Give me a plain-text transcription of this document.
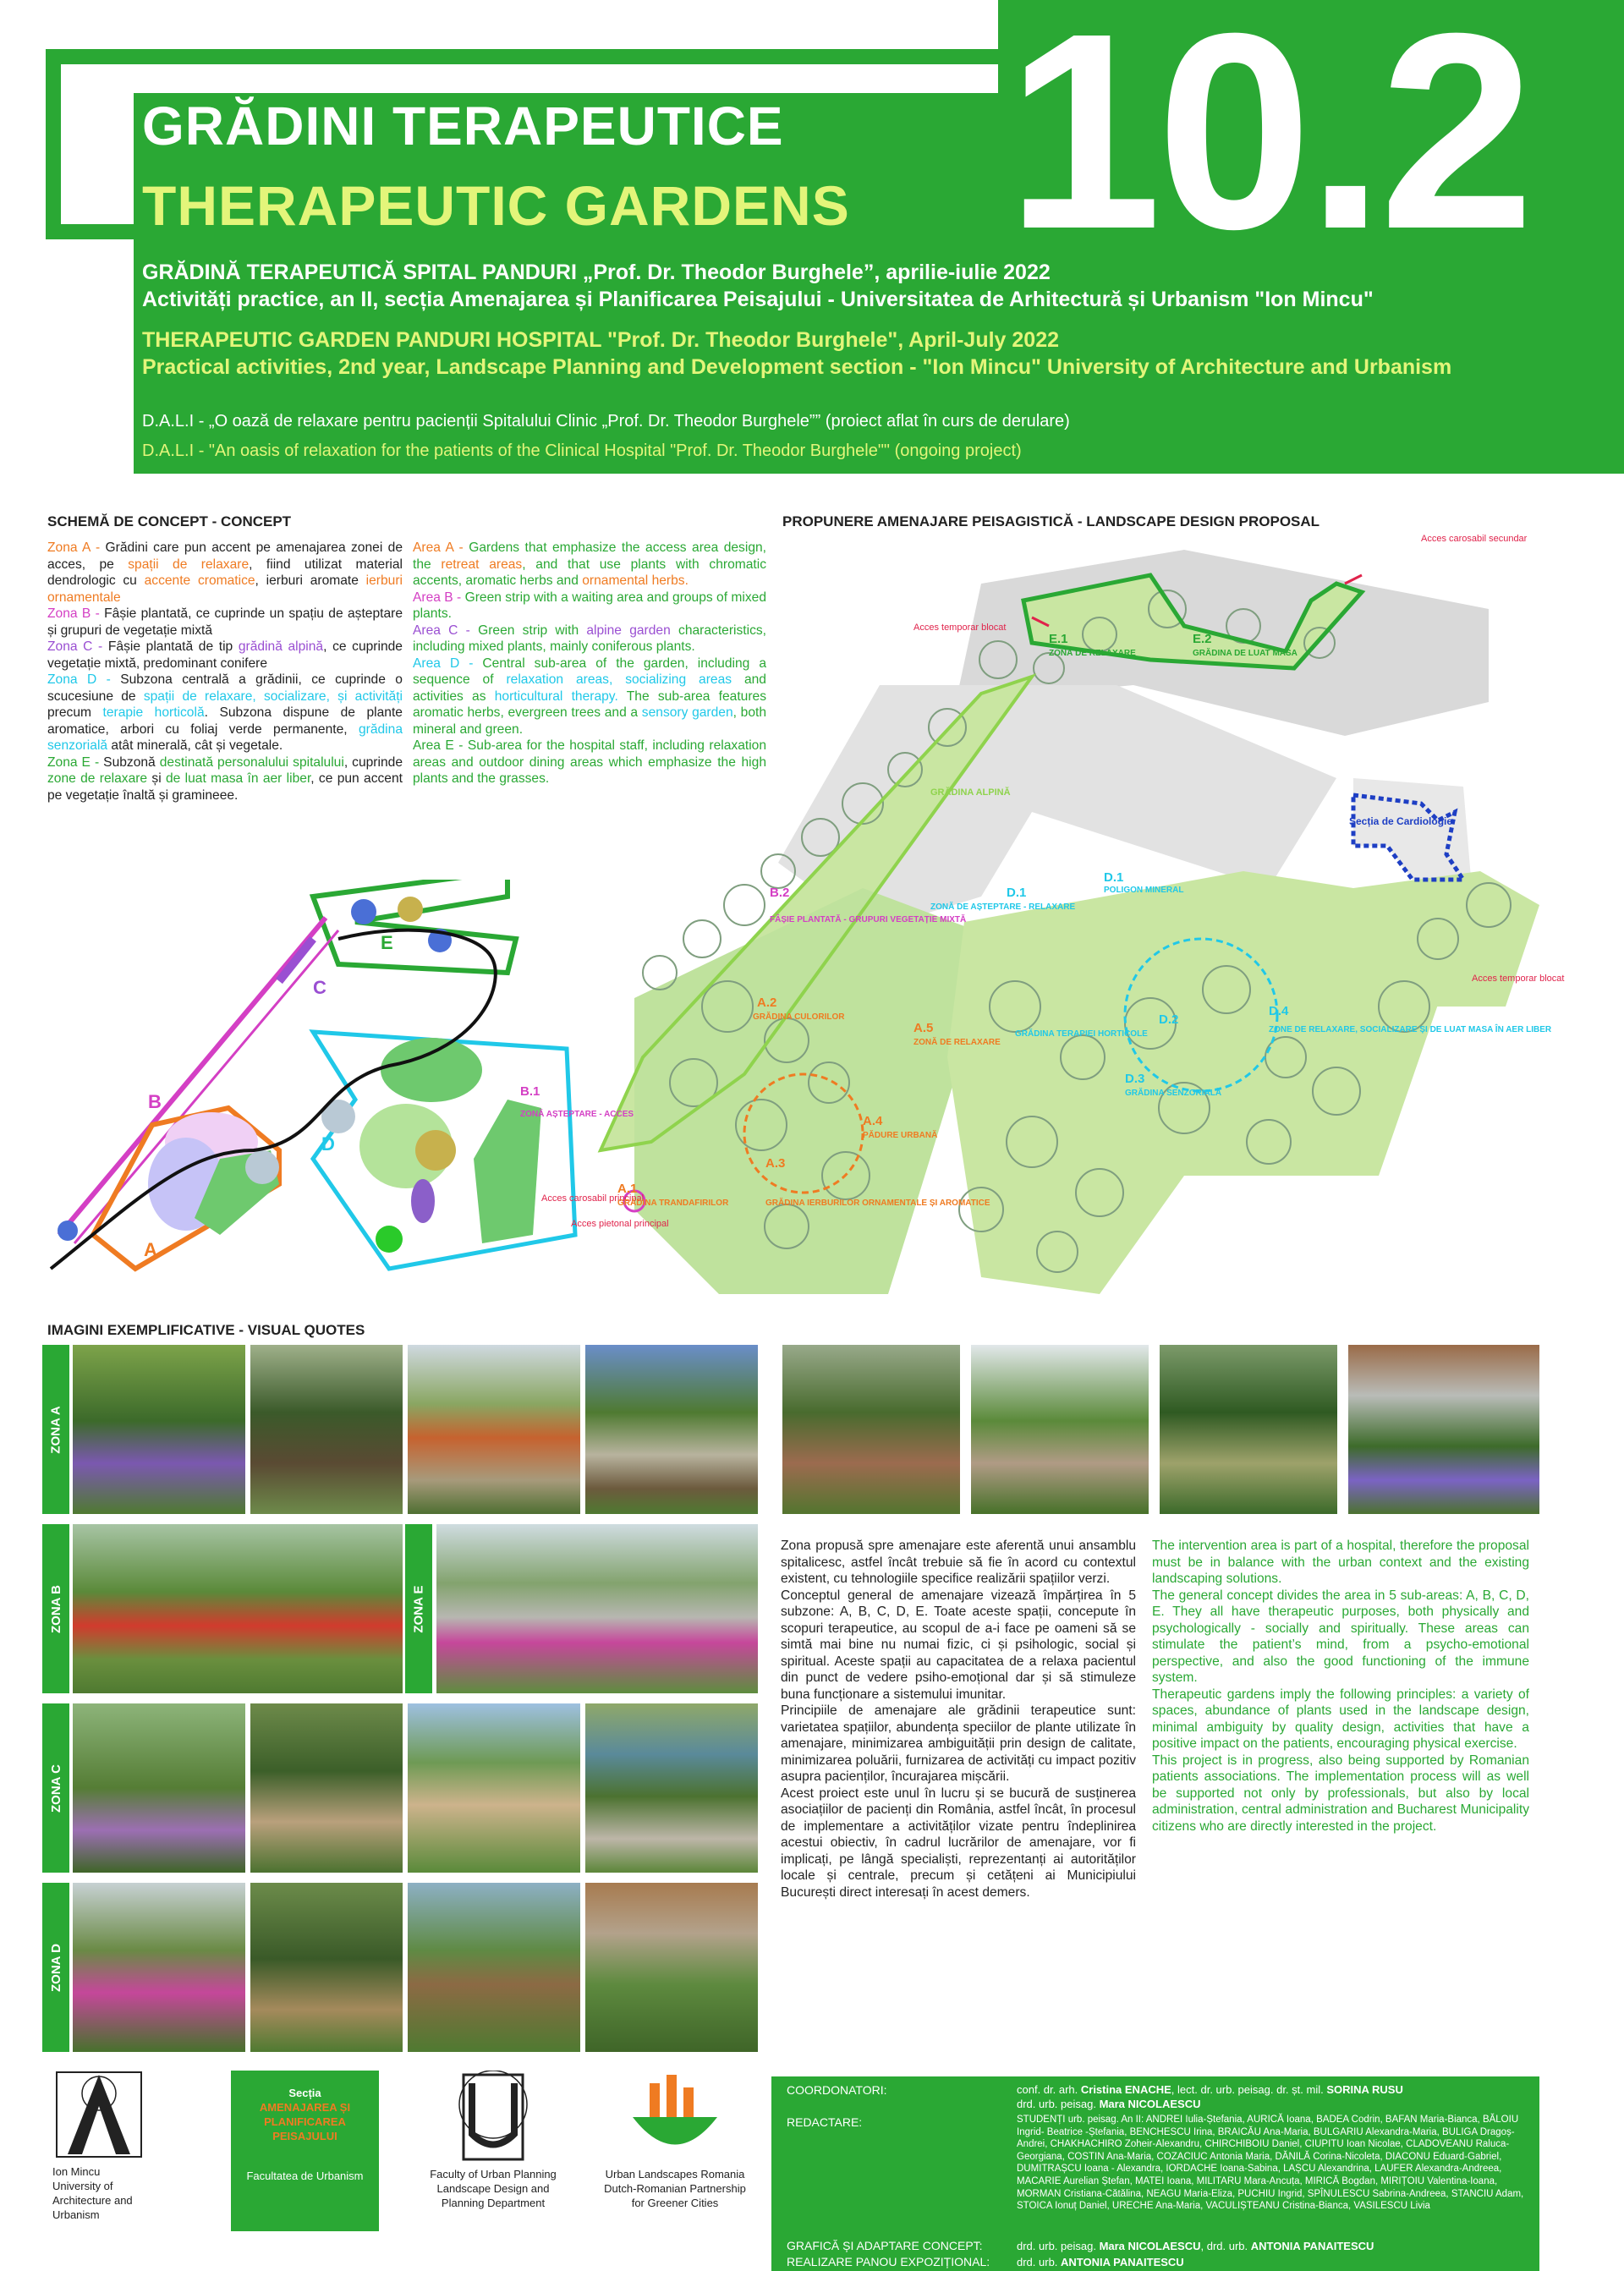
10.2
GRĂDINI TERAPEUTICE
THERAPEUTIC GARDENS
GRĂDINĂ TERAPEUTICĂ SPITAL PANDURI „Prof. Dr. Theodor Burghele”, aprilie-iulie 2022
Activități practice, an II, secția Amenajarea și Planificarea Peisajului - Universitatea de Arhitectură și Urbanism "Ion Mincu"
THERAPEUTIC GARDEN PANDURI HOSPITAL "Prof. Dr. Theodor Burghele", April-July 2022
Practical activities, 2nd year, Landscape Planning and Development section - "Ion Mincu" University of Architecture and Urbanism
D.A.L.I - „O oază de relaxare pentru pacienții Spitalului Clinic „Prof. Dr. Theodor Burghele”” (proiect aflat în curs de derulare)
D.A.L.I - "An oasis of relaxation for the patients of the Clinical Hospital "Prof. Dr. Theodor Burghele"" (ongoing project)
SCHEMĂ DE CONCEPT - CONCEPT

Zona A - Grădini care pun accent pe amenajarea zonei de acces, pe spații de relaxare, fiind utilizat material dendrologic cu accente cromatice, ierburi aromate ierburi ornamentale

Zona B - Fâșie plantată, ce cuprinde un spațiu de așteptare și grupuri de vegetație mixtă

Zona C - Fâșie plantată de tip grădină alpină, ce cuprinde vegetație mixtă, predominant conifere

Zona D - Subzona centrală a grădinii, ce cuprinde o scucesiune de spații de relaxare, socializare, și activități precum terapie horticolă. Subzona dispune de plante aromatice, arbori cu foliaj verde permanente, grădina senzorială atât minerală, cât și vegetale.

Zona E - Subzonă destinată personalului spitalului, cuprinde zone de relaxare și de luat masa în aer liber, ce pun accent pe vegetație înaltă și gramineee.

Area A - Gardens that emphasize the access area design, the retreat areas, and that use plants with chromatic accents, aromatic herbs and ornamental herbs.

Area B - Green strip with a waiting area and groups of mixed plants.

Area C - Green strip with alpine garden characteristics, including mixed plants, mainly coniferous plants.

Area D - Central sub-area of the garden, including a sequence of relaxation areas, socializing areas and activities as horticultural therapy. The sub-area features aromatic herbs, evergreen trees and a sensory garden, both mineral and green.

Area E - Sub-area for the hospital staff, including relaxation areas and outdoor dining areas which emphasize the high plants and the grasses.

E
C
B
A
D
PROPUNERE AMENAJARE PEISAGISTICĂ - LANDSCAPE DESIGN PROPOSAL
Acces carosabil secundar
Acces temporar blocat
Acces temporar blocat
Acces carosabil principal
Acces pietonal principal
Secția de Cardiologie
GRĂDINA ALPINĂ
B.2
FÂȘIE PLANTATĂ - GRUPURI VEGETAȚIE MIXTĂ
B.1
ZONĂ AȘTEPTARE - ACCES
A.1
GRĂDINA TRANDAFIRILOR
A.2
GRĂDINA CULORILOR
A.3
GRĂDINA IERBURILOR ORNAMENTALE ȘI AROMATICE
A.4
PĂDURE URBANĂ
A.5
ZONĂ DE RELAXARE
D.1
ZONĂ DE AȘTEPTARE - RELAXARE
D.1
POLIGON MINERAL
D.2
GRĂDINA TERAPIEI HORTICOLE
D.3
GRĂDINA SENZORIALĂ
D.4
ZONE DE RELAXARE, SOCIALIZARE ȘI DE LUAT MASA ÎN AER LIBER
E.1
ZONĂ DE RELAXARE
E.2
GRĂDINA DE LUAT MASA
IMAGINI EXEMPLIFICATIVE - VISUAL QUOTES
ZONA A
ZONA B	ZONA E
ZONA C
ZONA D

Zona propusă spre amenajare este aferentă unui ansamblu spitalicesc, astfel încât trebuie să fie în acord cu contextul existent, cu tehnologiile specifice realizării spațiilor verzi.

Conceptul general de amenajare vizează împărțirea în 5 subzone: A, B, C, D, E. Toate aceste spații, concepute în scopuri terapeutice, au scopul de a-i face pe oameni să se simtă mai bine nu numai fizic, ci și psihologic, social și spiritual. Aceste spații au capacitatea de a relaxa pacientul din punct de vedere psiho-emoțional dar și să stimuleze buna funcționare a sistemului imunitar.

Principiile de amenajare ale grădinii terapeutice sunt: varietatea spațiilor, abundența speciilor de plante utilizate în amenajare, minimizarea ambiguității prin design de calitate, minimizarea poluării, furnizarea de activități cu impact pozitiv asupra pacienților, încurajarea mișcării.

Acest proiect este unul în lucru și se bucură de susținerea asociațiilor de pacienți din România, astfel încât, în procesul de implementare a activităților vizate pentru îndeplinirea acestui obiectiv, în cadrul lucrărilor de amenajare, vor fi implicați, pe lângă specialiști, reprezentanți ai autorităților locale și centrale, precum și cetățeni ai Municipiului București direct interesați în acest demers.

The intervention area is part of a hospital, therefore the proposal must be in balance with the urban context and the existing landscaping solutions.

The general concept divides the area in 5 sub-areas: A, B, C, D, E. They all have therapeutic purposes, both physically and psychologically - socially and spiritually. These areas can stimulate the patient’s mind, from a psycho-emotional perspective, and also the good functioning of the immune system.

Therapeutic gardens imply the following principles: a variety of spaces, abundance of plants used in the landscape design, minimal ambiguity by quality design, activities that have a positive impact on the patients, encouraging physical exercise.

This project is in progress, also being supported by Romanian patients associations. The implementation process will as well be supported not only by professionals, but also by local administration, central administration and Bucharest Municipality citizens who are directly interested in the project.

Ion Mincu
University of
Architecture and Urbanism
Secția
AMENAJAREA ȘI
PLANIFICAREA
PEISAJULUI
Facultatea de Urbanism	Faculty of Urban Planning
Landscape Design and
Planning Department
Urban Landscapes Romania
Dutch-Romanian Partnership
for Greener Cities
COORDONATORI:	conf. dr. arh. Cristina ENACHE, lect. dr. urb. peisag. dr. șt. mil. SORINA RUSU
drd. urb. peisag. Mara NICOLAESCU
REDACTARE:	STUDENȚI urb. peisag. An II: ANDREI Iulia-Ștefania, AURICĂ Ioana, BADEA Codrin, BAFAN Maria-Bianca, BĂLOIU Ingrid- Beatrice -Ștefania, BENCHESCU Irina, BRAICĂU Ana-Maria, BULGARIU Alexandra-Maria, BULIGA Dragoș-Andrei, CHAKHACHIRO Zoheir-Alexandru, CHIRCHIBOIU Daniel, CIUPITU Ioan Nicolae, CLADOVEANU Raluca-Georgiana, COSTIN Ana-Maria, COZACIUC Antonia Maria, DĂNILĂ Corina-Nicoleta, DIACONU Eduard-Gabriel, DUMITRAȘCU Ioana - Alexandra, IORDACHE Ioana-Sabina, LAȘCU Alexandrina, LAUFER Alexandra-Andreea, MACARIE Aurelian Ștefan, MATEI Ioana, MILITARU Mara-Ancuța, MIRICĂ Bogdan, MIRIȚOIU Valentina-Ioana, MORMAN Cristiana-Cătălina, NEAGU Maria-Eliza, PUCHIU Ingrid, SPÎNULESCU Sabrina-Andreea, STANCIU Adam, STOICA Ionuț Daniel, URECHE Ana-Maria, VACULIȘTEANU Cristina-Bianca, VASILESCU Livia
GRAFICĂ ȘI ADAPTARE CONCEPT:	drd. urb. peisag. Mara NICOLAESCU, drd. urb. ANTONIA PANAITESCU
REALIZARE PANOU EXPOZIȚIONAL: drd. urb. ANTONIA PANAITESCU
